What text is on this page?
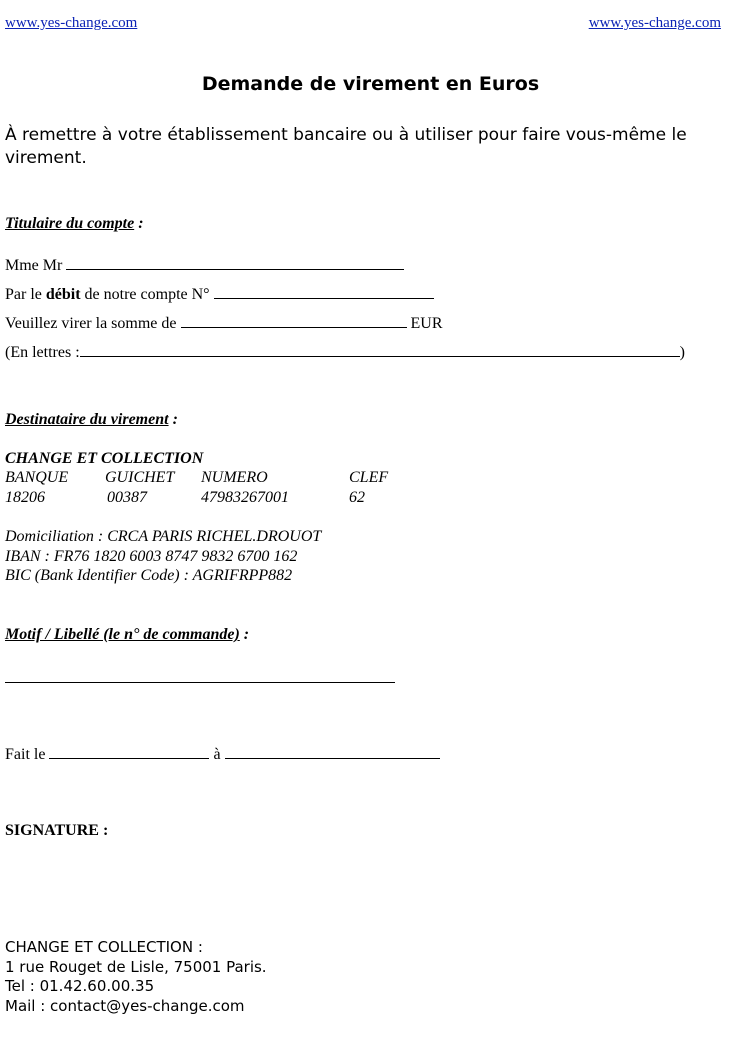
www.yes-change.com	www.yes-change.com
Demande de virement en Euros
À remettre à votre établissement bancaire ou à utiliser pour faire vous-même le virement.
Titulaire du compte :
Mme Mr
Par le débit de notre compte N°
Veuillez virer la somme de	EUR
(En lettres :	)
Destinataire du virement :
CHANGE ET COLLECTION
BANQUE	GUICHET	NUMERO	CLEF
18206	00387	47983267001	62
Domiciliation : CRCA PARIS RICHEL.DROUOT
IBAN : FR76 1820 6003 8747 9832 6700 162
BIC (Bank Identifier Code) : AGRIFRPP882
Motif / Libellé (le n° de commande) :
Fait le	à
SIGNATURE :
CHANGE ET COLLECTION :
1 rue Rouget de Lisle, 75001 Paris.
Tel : 01.42.60.00.35
Mail : contact@yes-change.com
